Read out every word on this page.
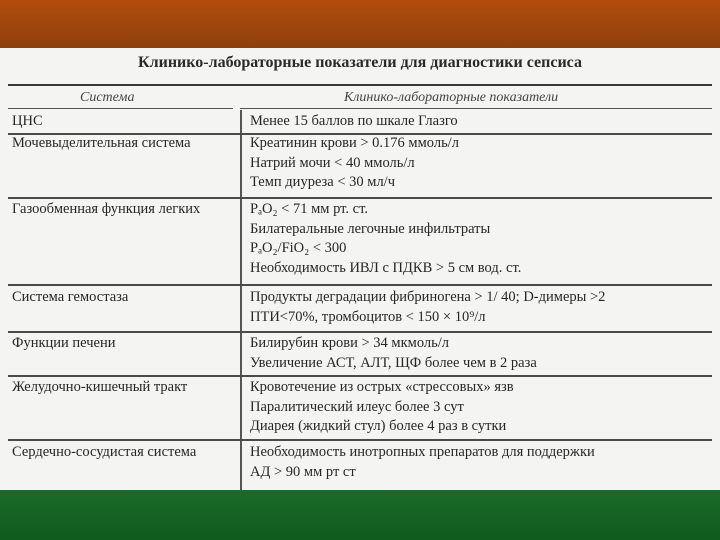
Клинико-лабораторные показатели для диагностики сепсиса
Система	Клинико-лабораторные показатели
ЦНС	Менее 15 баллов по шкале Глазго
Мочевыделительная система	Креатинин крови > 0.176 ммоль/л
Натрий мочи < 40 ммоль/л
Темп диуреза < 30 мл/ч
Газообменная функция легких	PₐO₂ < 71 мм рт. ст.
Билатеральные легочные инфильтраты
PₐO₂/FiO₂ < 300
Необходимость ИВЛ с ПДКВ > 5 см вод. ст.
Система гемостаза	Продукты деградации фибриногена > 1/ 40; D-димеры >2
ПТИ<70%, тромбоцитов < 150 × 10⁹/л
Функции печени	Билирубин крови > 34 мкмоль/л
Увеличение АСТ, АЛТ, ЩФ более чем в 2 раза
Желудочно-кишечный тракт	Кровотечение из острых «стрессовых» язв
Паралитический илеус более 3 сут
Диарея (жидкий стул) более 4 раз в сутки
Сердечно-сосудистая система	Необходимость инотропных препаратов для поддержки
АД > 90 мм рт ст
